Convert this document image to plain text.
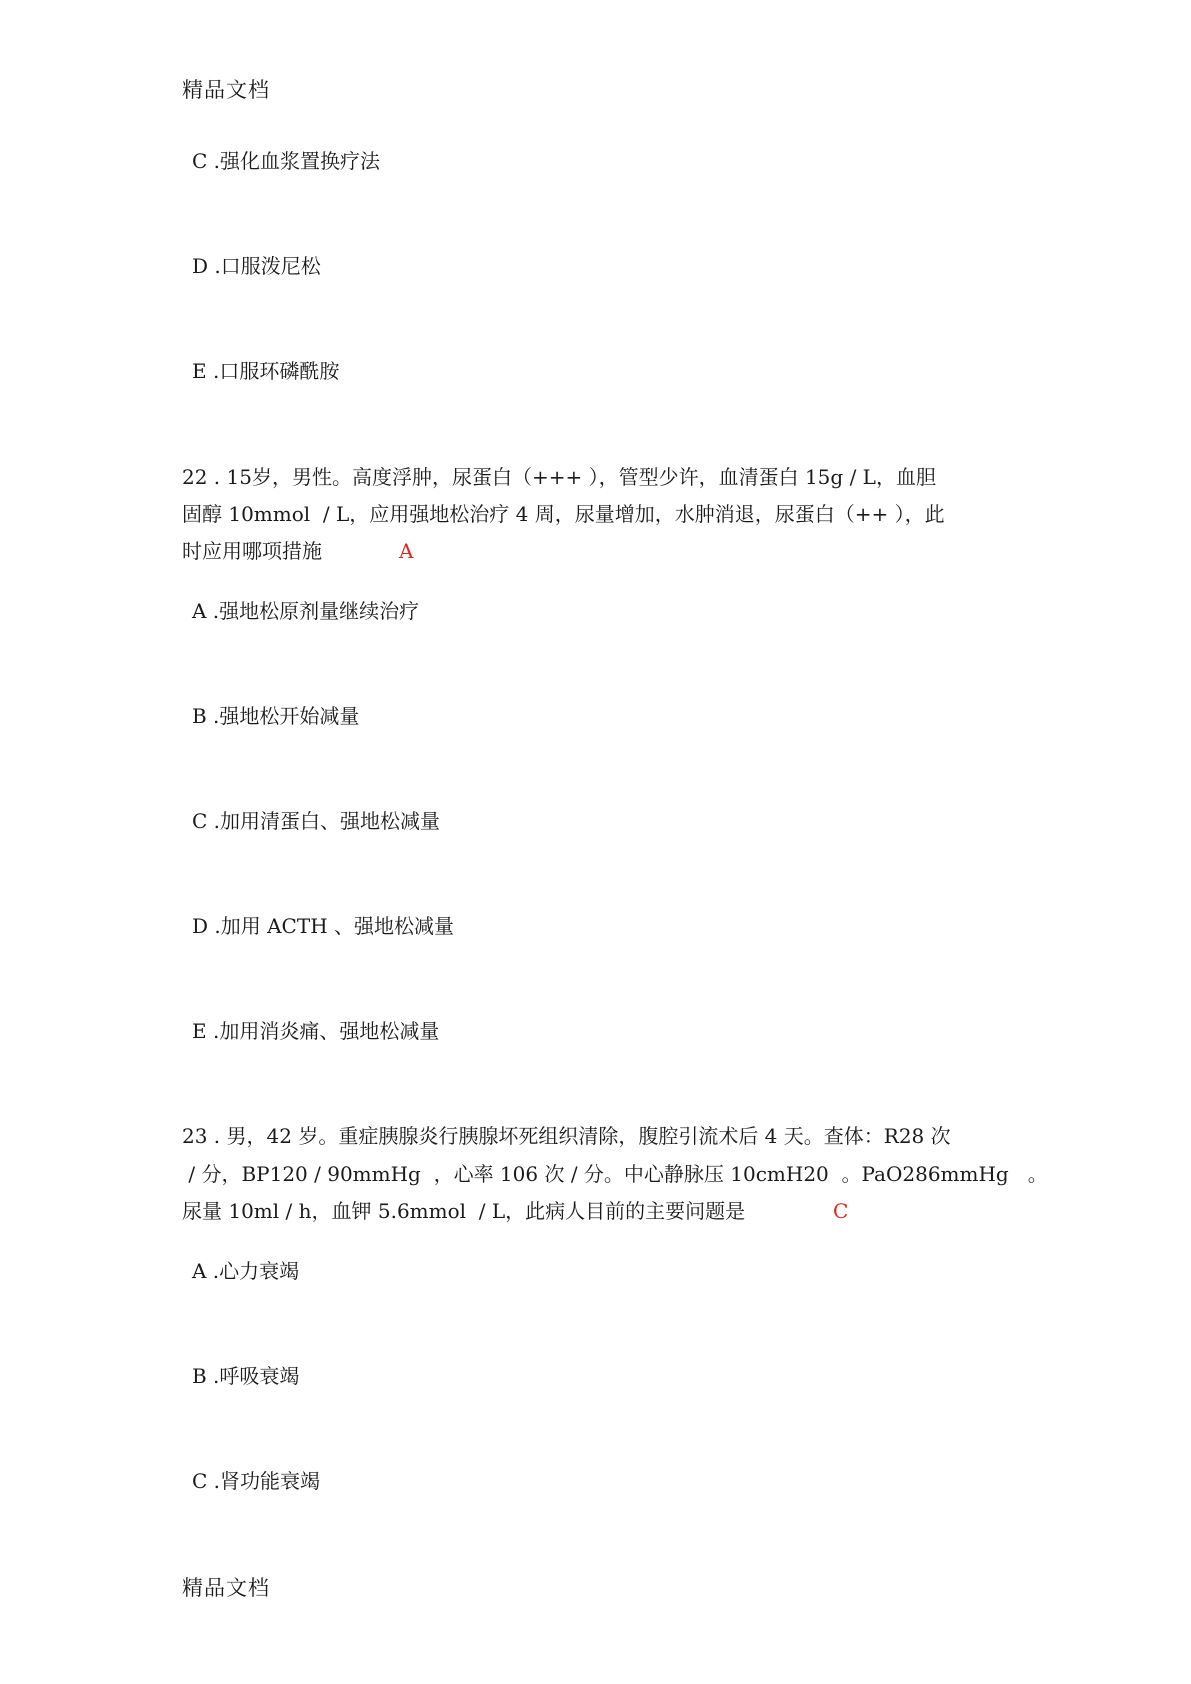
精品文档
C .强化血浆置换疗法
D .口服泼尼松
E .口服环磷酰胺
22 . 15岁，男性。高度浮肿，尿蛋白（+++ ），管型少许，血清蛋白 15g / L，血胆
固醇 10mmol  / L，应用强地松治疗 4 周，尿量增加，水肿消退，尿蛋白（++ ），此
时应用哪项措施	A
A .强地松原剂量继续治疗
B .强地松开始减量
C .加用清蛋白、强地松减量
D .加用 ACTH 、强地松减量
E .加用消炎痛、强地松减量
23 . 男，42 岁。重症胰腺炎行胰腺坏死组织清除，腹腔引流术后 4 天。查体：R28 次
/ 分，BP120 / 90mmHg  ，心率 106 次 / 分。中心静脉压 10cmH20  。PaO286mmHg   。
尿量 10ml / h，血钾 5.6mmol  / L，此病人目前的主要问题是	C
A .心力衰竭
B .呼吸衰竭
C .肾功能衰竭
精品文档
